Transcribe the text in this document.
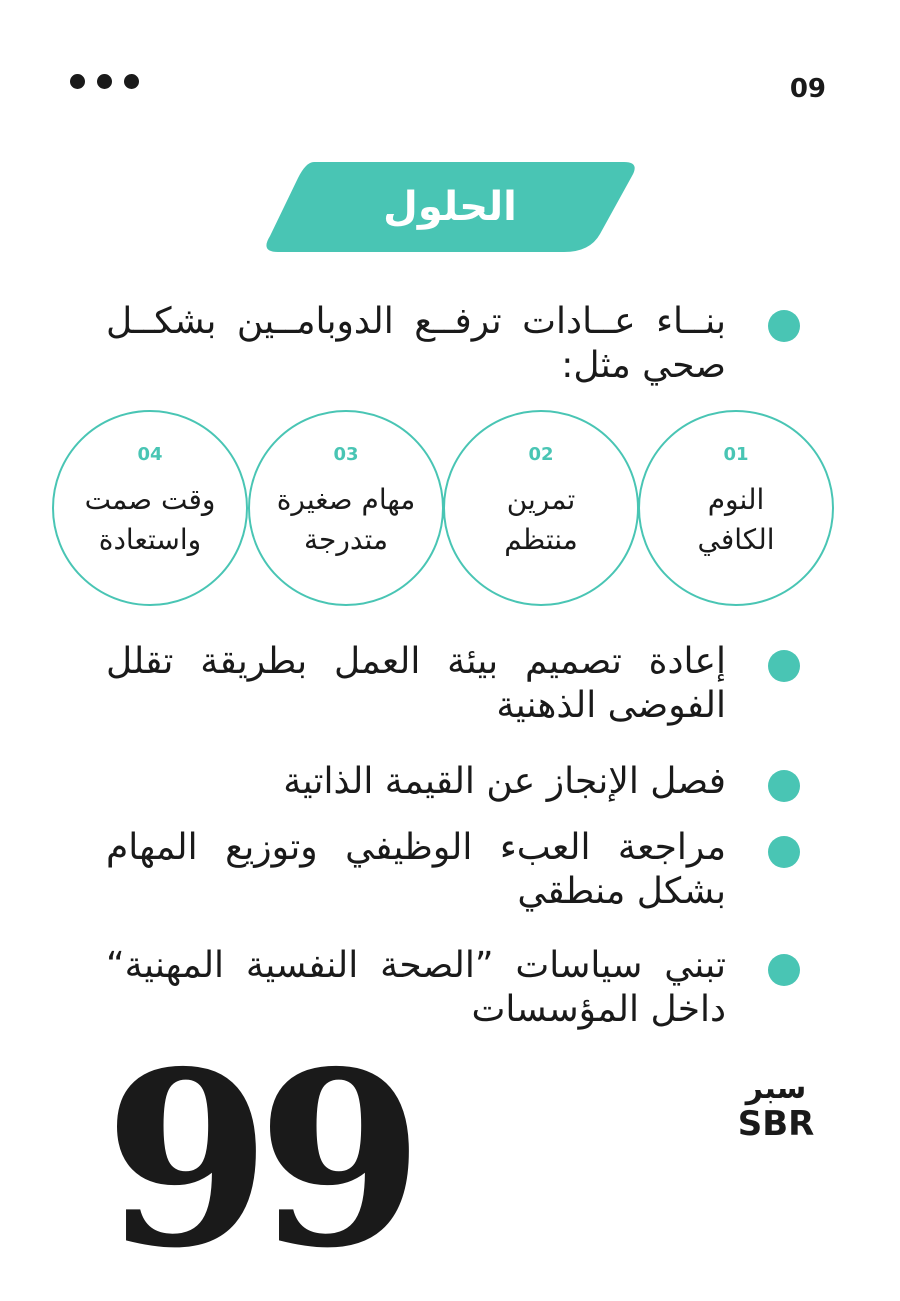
09
الحلول
بنــاء عــادات ترفــع الدوبامــين بشكــل صحي مثل:
01
النوم
الكافي
02
تمرين
منتظم
03
مهام صغيرة
متدرجة
04
وقت صمت
واستعادة
إعادة تصميم بيئة العمل بطريقة تقلل الفوضى الذهنية
فصل الإنجاز عن القيمة الذاتية
مراجعة العبء الوظيفي وتوزيع المهام بشكل منطقي
تبني سياسات ”الصحة النفسية المهنية“ داخل المؤسسات
99	سبر
SBR
